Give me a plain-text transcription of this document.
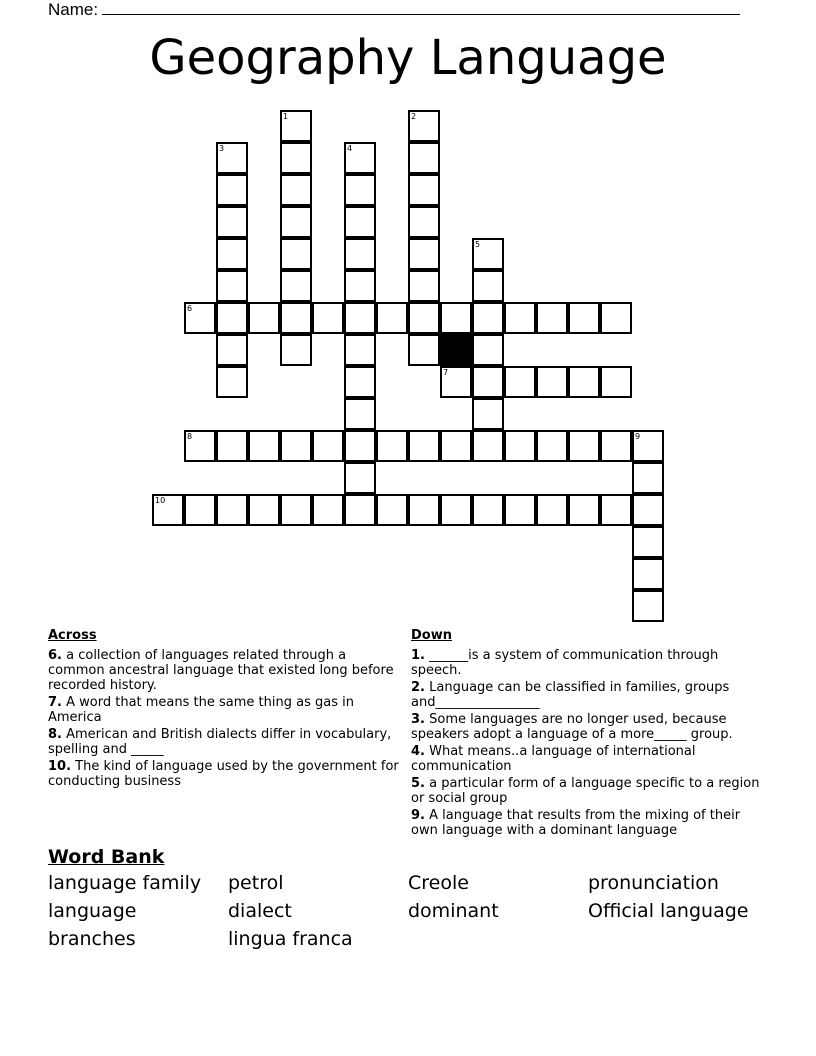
Name:
Geography Language
6
7
8
10
1	2
3	4
5
9
Across
6. a collection of languages related through a common ancestral language that existed long before recorded history.
7. A word that means the same thing as gas in America
8. American and British dialects differ in vocabulary, spelling and _____
10. The kind of language used by the government for conducting business
Down
1. ______is a system of communication through speech.
2. Language can be classified in families, groups and________________
3. Some languages are no longer used, because speakers adopt a language of a more_____ group.
4. What means..a language of international communication
5. a particular form of a language specific to a region or social group
9. A language that results from the mixing of their own language with a dominant language
Word Bank
language family	petrol	Creole	pronunciation
language	dialect	dominant	Official language
branches	lingua franca
